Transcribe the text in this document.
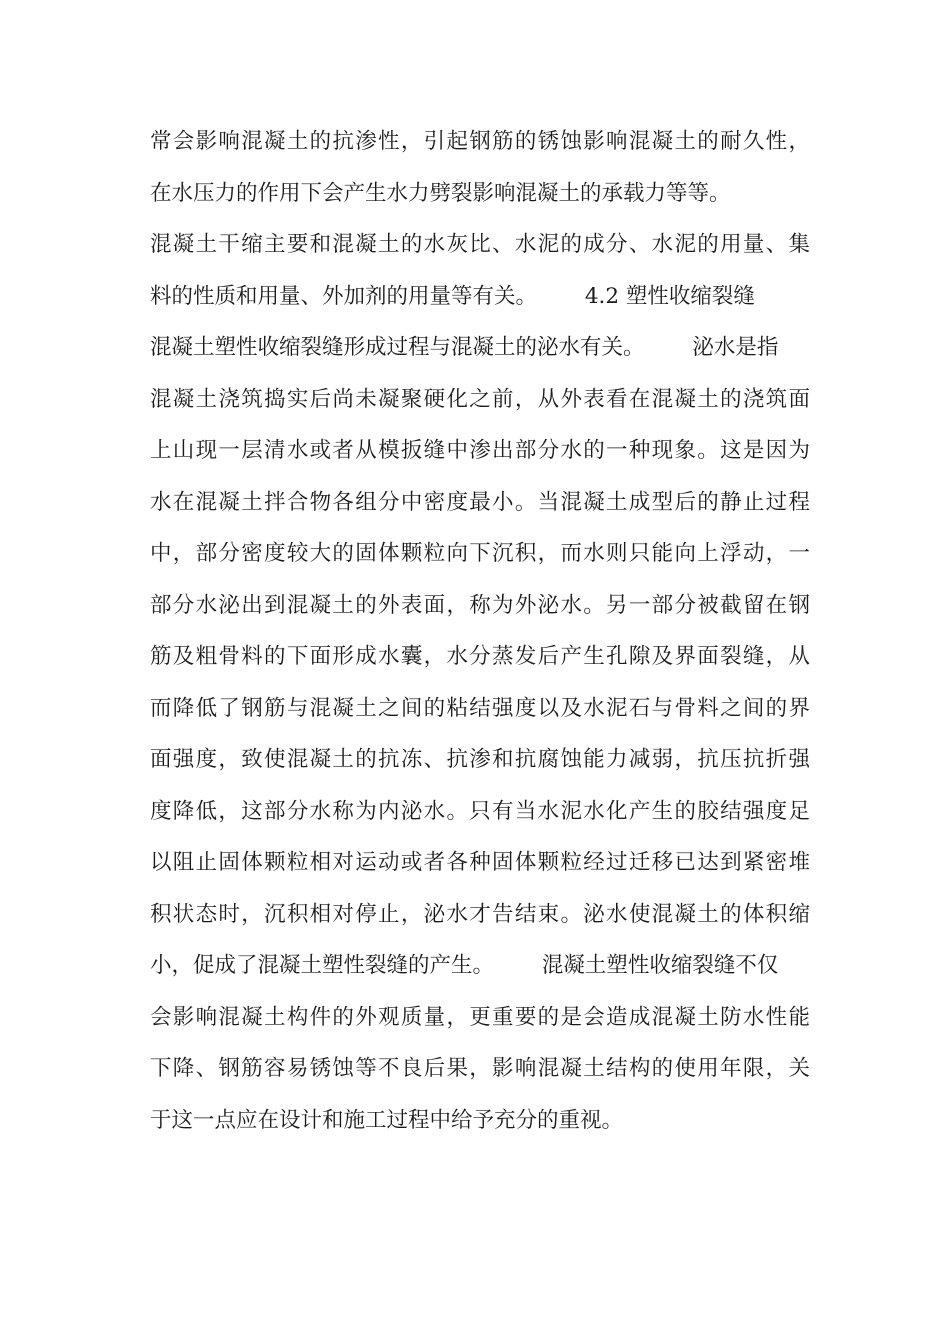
常会影响混凝土的抗渗性，引起钢筋的锈蚀影响混凝土的耐久性，
在水压力的作用下会产生水力劈裂影响混凝土的承载力等等。
混凝土干缩主要和混凝土的水灰比、水泥的成分、水泥的用量、集
料的性质和用量、外加剂的用量等有关。       4.2 塑性收缩裂缝
混凝土塑性收缩裂缝形成过程与混凝土的泌水有关。       泌水是指
混凝土浇筑捣实后尚未凝聚硬化之前，从外表看在混凝土的浇筑面
上山现一层清水或者从模扳缝中渗出部分水的一种现象。这是因为
水在混凝土拌合物各组分中密度最小。当混凝土成型后的静止过程
中，部分密度较大的固体颗粒向下沉积，而水则只能向上浮动，一
部分水泌出到混凝土的外表面，称为外泌水。另一部分被截留在钢
筋及粗骨料的下面形成水囊，水分蒸发后产生孔隙及界面裂缝，从
而降低了钢筋与混凝土之间的粘结强度以及水泥石与骨料之间的界
面强度，致使混凝土的抗冻、抗渗和抗腐蚀能力减弱，抗压抗折强
度降低，这部分水称为内泌水。只有当水泥水化产生的胶结强度足
以阻止固体颗粒相对运动或者各种固体颗粒经过迁移已达到紧密堆
积状态时，沉积相对停止，泌水才告结束。泌水使混凝土的体积缩
小，促成了混凝土塑性裂缝的产生。       混凝土塑性收缩裂缝不仅
会影响混凝土构件的外观质量，更重要的是会造成混凝土防水性能
下降、钢筋容易锈蚀等不良后果，影响混凝土结构的使用年限，关
于这一点应在设计和施工过程中给予充分的重视。
